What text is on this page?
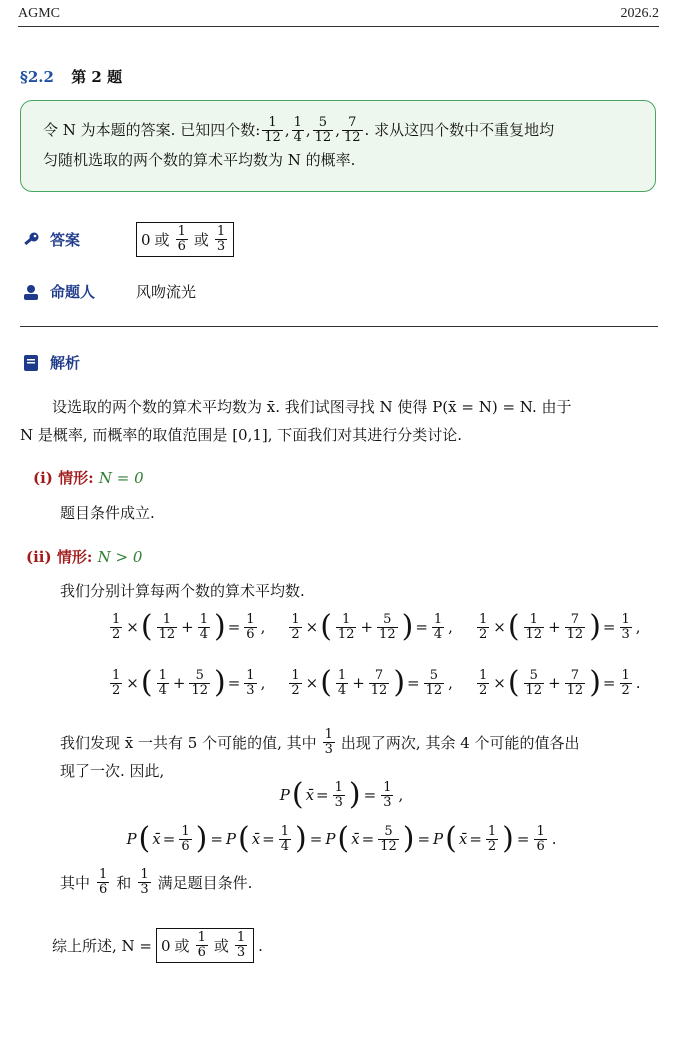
AGMC	2026.2
§2.2 第 2 题
令 N 为本题的答案. 已知四个数: $\frac{1}{12}$ , $\frac{1}{4}$ , $\frac{5}{12}$ , $\frac{7}{12}$ . 求从这四个数中不重复地均
匀随机选取的两个数的算术平均数为 N 的概率.
答案	0 或 $\frac{1}{6}$ 或 $\frac{1}{3}$
命题人	风吻流光
解析
设选取的两个数的算术平均数为 x̄. 我们试图寻找 N 使得 P(x̄ = N) = N. 由于
N 是概率, 而概率的取值范围是 [0,1], 下面我们对其进行分类讨论.
(i) 情形: N = 0
题目条件成立.
(ii) 情形: N > 0
我们分别计算每两个数的算术平均数.
$\frac{1}{2}$ × ( $\frac{1}{12} + \frac{1}{4}$ ) = $\frac{1}{6}$ , $\frac{1}{2}$ × ( $\frac{1}{12} + \frac{5}{12}$ ) = $\frac{1}{4}$ , $\frac{1}{2}$ × ( $\frac{1}{12} + \frac{7}{12}$ ) = $\frac{1}{3}$ ,
$\frac{1}{2}$ × ( $\frac{1}{4} + \frac{5}{12}$ ) = $\frac{1}{3}$ , $\frac{1}{2}$ × ( $\frac{1}{4} + \frac{7}{12}$ ) = $\frac{5}{12}$ , $\frac{1}{2}$ × ( $\frac{5}{12} + \frac{7}{12}$ ) = $\frac{1}{2}$ .
我们发现 x̄ 一共有 5 个可能的值, 其中 $\frac{1}{3}$ 出现了两次, 其余 4 个可能的值各出
现了一次. 因此,
P ( x̄ = $\frac{1}{3}$ ) = $\frac{1}{3}$ ,
P ( x̄ = $\frac{1}{6}$ ) = P ( x̄ = $\frac{1}{4}$ ) = P ( x̄ = $\frac{5}{12}$ ) = P ( x̄ = $\frac{1}{2}$ ) = $\frac{1}{6}$ .
其中 $\frac{1}{6}$ 和 $\frac{1}{3}$ 满足题目条件.
综上所述, N = 0 或 $\frac{1}{6}$ 或 $\frac{1}{3}$ .
